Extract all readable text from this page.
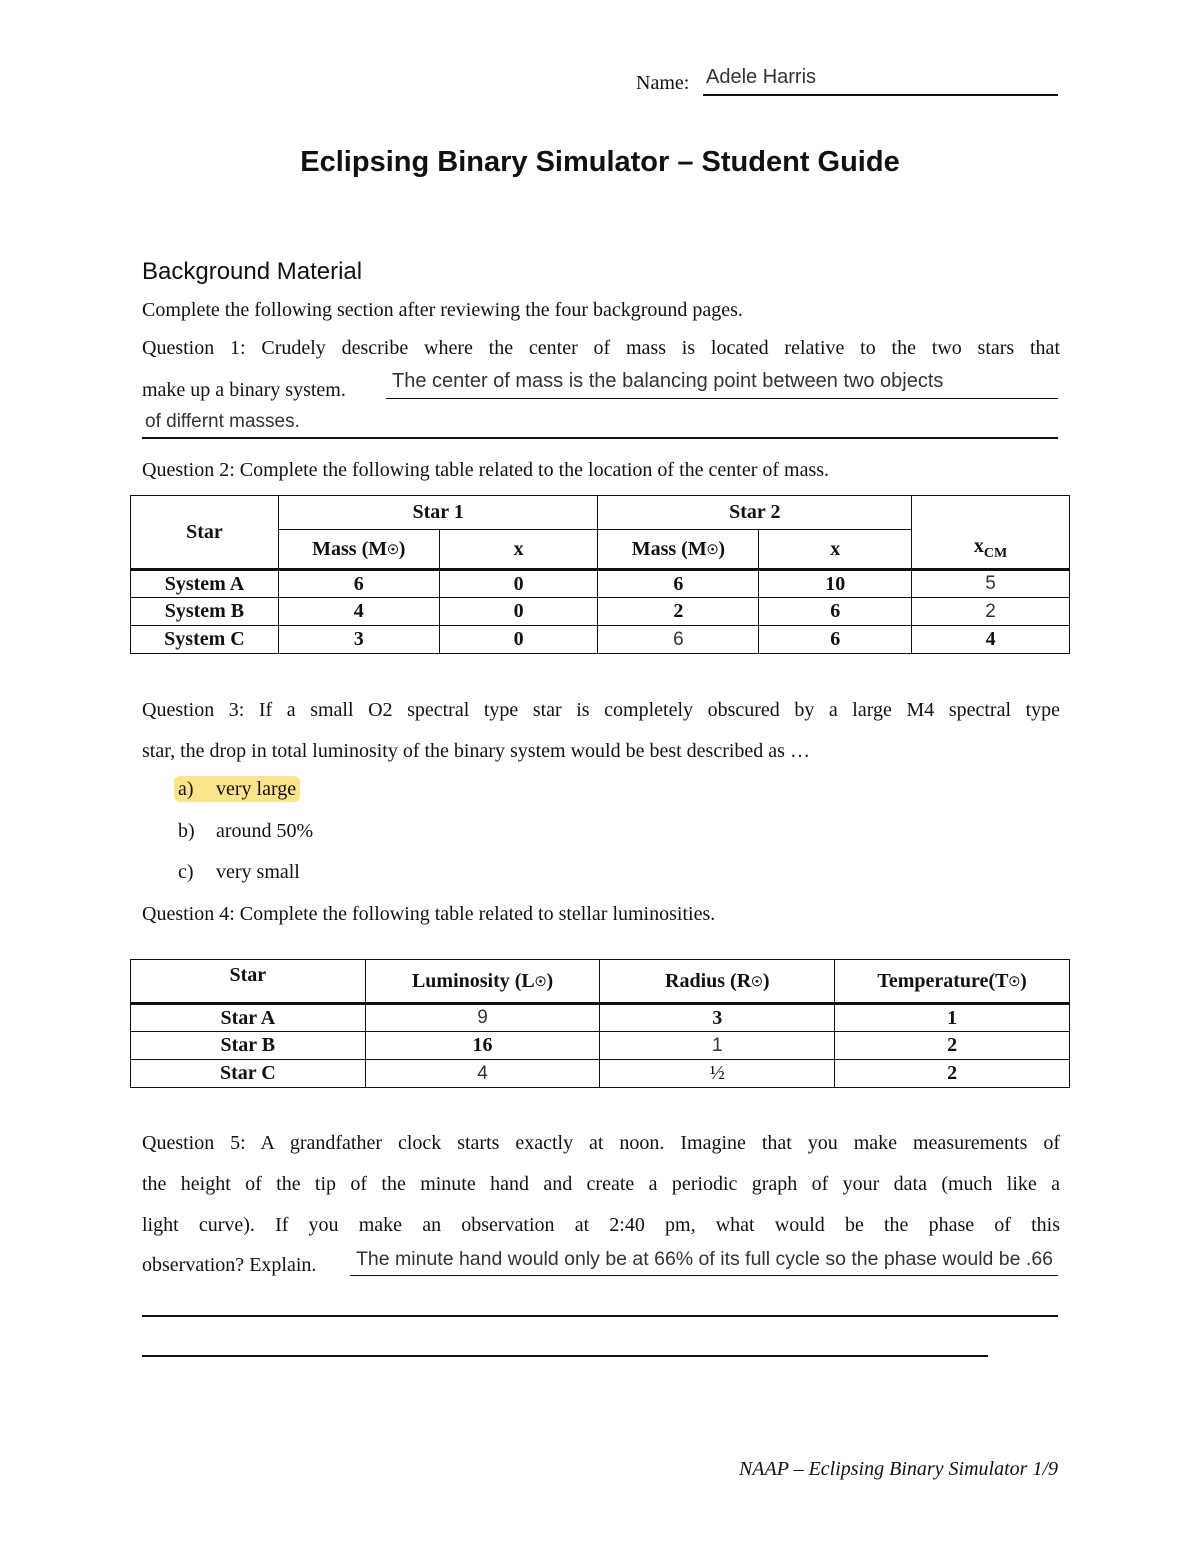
Name: Adele Harris
Eclipsing Binary Simulator – Student Guide
Background Material
Complete the following section after reviewing the four background pages.
Question 1: Crudely describe where the center of mass is located relative to the two stars that
make up a binary system.	The center of mass is the balancing point between two objects
of differnt masses.
Question 2: Complete the following table related to the location of the center of mass.
Star	Star 1		Star 2		$x_{CM}$
	Mass (M☉)	x	Mass (M☉)	x	
System A	6	0	6	10	5
System B	4	0	2	6	2
System C	3	0	6	6	4
Question 3: If a small O2 spectral type star is completely obscured by a large M4 spectral type
star, the drop in total luminosity of the binary system would be best described as …
a) very large
b) around 50%
c) very small
Question 4: Complete the following table related to stellar luminosities.
Star	Luminosity (L☉)	Radius (R☉)	Temperature(T☉)
Star A	9	3	1
Star B	16	1	2
Star C	4	½	2
Question 5: A grandfather clock starts exactly at noon. Imagine that you make measurements of
the height of the tip of the minute hand and create a periodic graph of your data (much like a
light curve). If you make an observation at 2:40 pm, what would be the phase of this
observation? Explain.	The minute hand would only be at 66% of its full cycle so the phase would be .66
NAAP – Eclipsing Binary Simulator 1/9
